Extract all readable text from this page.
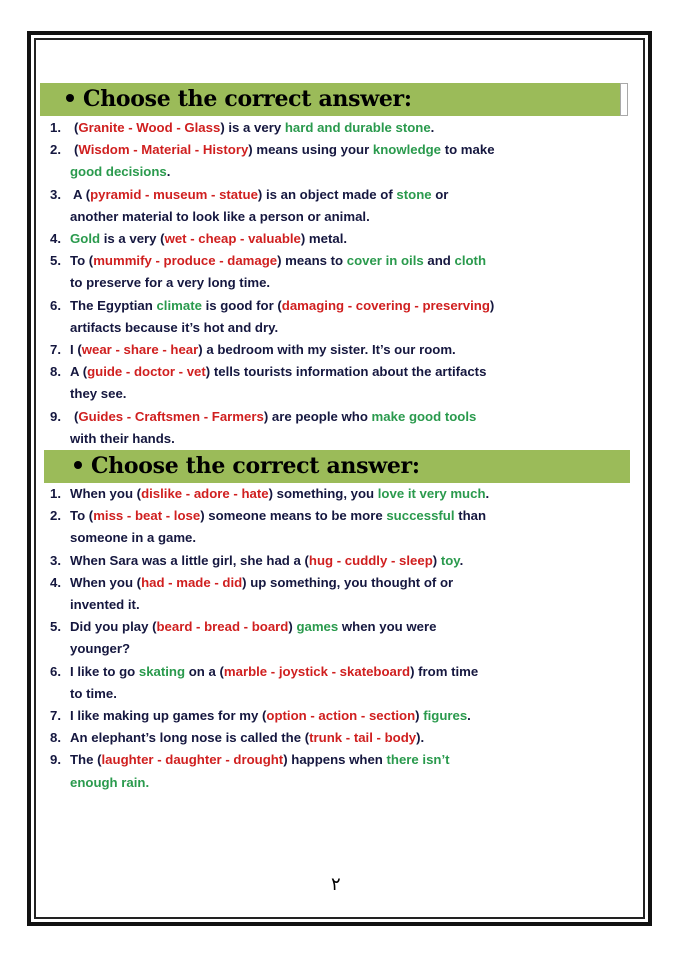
Choose the correct answer:
1. (Granite - Wood - Glass) is a very hard and durable stone.
2. (Wisdom - Material - History) means using your knowledge to make
good decisions.
3. A (pyramid - museum - statue) is an object made of stone or
another material to look like a person or animal.
4. Gold is a very (wet - cheap - valuable) metal.
5. To (mummify - produce - damage) means to cover in oils and cloth
to preserve for a very long time.
6. The Egyptian climate is good for (damaging - covering - preserving)
artifacts because it’s hot and dry.
7. I (wear - share - hear) a bedroom with my sister. It’s our room.
8. A (guide - doctor - vet) tells tourists information about the artifacts
they see.
9. (Guides - Craftsmen - Farmers) are people who make good tools
with their hands.
Choose the correct answer:
1. When you (dislike - adore - hate) something, you love it very much.
2. To (miss - beat - lose) someone means to be more successful than
someone in a game.
3. When Sara was a little girl, she had a (hug - cuddly - sleep) toy.
4. When you (had - made - did) up something, you thought of or
invented it.
5. Did you play (beard - bread - board) games when you were
younger?
6. I like to go skating on a (marble - joystick - skateboard) from time
to time.
7. I like making up games for my (option - action - section) figures.
8. An elephant’s long nose is called the (trunk - tail - body).
9. The (laughter - daughter - drought) happens when there isn’t
enough rain.
٢
